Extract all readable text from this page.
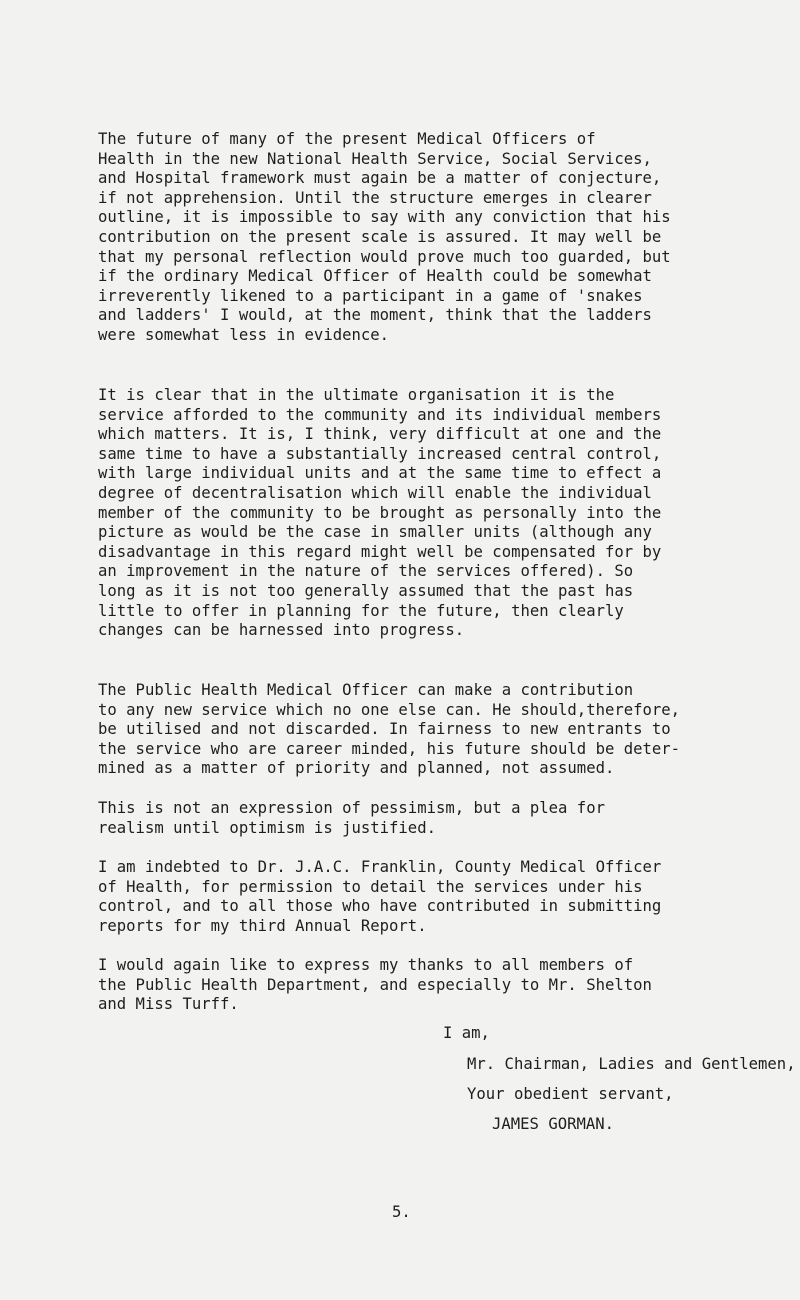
The future of many of the present Medical Officers of
Health in the new National Health Service, Social Services,
and Hospital framework must again be a matter of conjecture,
if not apprehension. Until the structure emerges in clearer
outline, it is impossible to say with any conviction that his
contribution on the present scale is assured. It may well be
that my personal reflection would prove much too guarded, but
if the ordinary Medical Officer of Health could be somewhat
irreverently likened to a participant in a game of 'snakes
and ladders' I would, at the moment, think that the ladders
were somewhat less in evidence.
It is clear that in the ultimate organisation it is the
service afforded to the community and its individual members
which matters. It is, I think, very difficult at one and the
same time to have a substantially increased central control,
with large individual units and at the same time to effect a
degree of decentralisation which will enable the individual
member of the community to be brought as personally into the
picture as would be the case in smaller units (although any
disadvantage in this regard might well be compensated for by
an improvement in the nature of the services offered). So
long as it is not too generally assumed that the past has
little to offer in planning for the future, then clearly
changes can be harnessed into progress.
The Public Health Medical Officer can make a contribution
to any new service which no one else can. He should,therefore,
be utilised and not discarded. In fairness to new entrants to
the service who are career minded, his future should be deter-
mined as a matter of priority and planned, not assumed.
This is not an expression of pessimism, but a plea for
realism until optimism is justified.
I am indebted to Dr. J.A.C. Franklin, County Medical Officer
of Health, for permission to detail the services under his
control, and to all those who have contributed in submitting
reports for my third Annual Report.
I would again like to express my thanks to all members of
the Public Health Department, and especially to Mr. Shelton
and Miss Turff.
I am,
Mr. Chairman, Ladies and Gentlemen,
Your obedient servant,
JAMES GORMAN.
5.
